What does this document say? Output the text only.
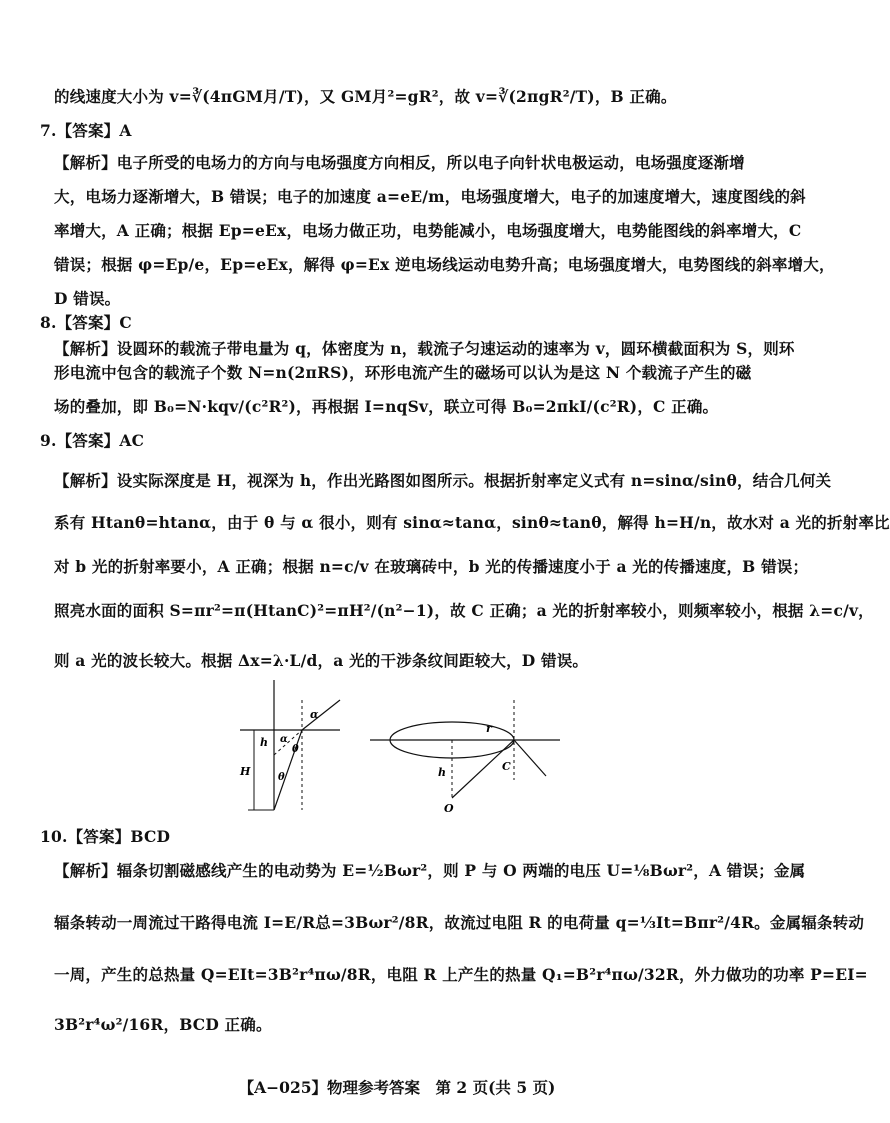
的线速度大小为 v=∛(4πGM月/T)，又 GM月²=gR²，故 v=∛(2πgR²/T)，B 正确。
7.【答案】A
【解析】电子所受的电场力的方向与电场强度方向相反，所以电子向针状电极运动，电场强度逐渐增
大，电场力逐渐增大，B 错误；电子的加速度 a=eE/m，电场强度增大，电子的加速度增大，速度图线的斜
率增大，A 正确；根据 Ep=eEx，电场力做正功，电势能减小，电场强度增大，电势能图线的斜率增大，C
错误；根据 φ=Ep/e，Ep=eEx，解得 φ=Ex 逆电场线运动电势升高；电场强度增大，电势图线的斜率增大，
D 错误。
8.【答案】C
【解析】设圆环的载流子带电量为 q，体密度为 n，载流子匀速运动的速率为 v，圆环横截面积为 S，则环
形电流中包含的载流子个数 N=n(2πRS)，环形电流产生的磁场可以认为是这 N 个载流子产生的磁
场的叠加，即 B₀=N·kqv/(c²R²)，再根据 I=nqSv，联立可得 B₀=2πkI/(c²R)，C 正确。
9.【答案】AC
【解析】设实际深度是 H，视深为 h，作出光路图如图所示。根据折射率定义式有 n=sinα/sinθ，结合几何关
系有 Htanθ=htanα，由于 θ 与 α 很小，则有 sinα≈tanα，sinθ≈tanθ，解得 h=H/n，故水对 a 光的折射率比
对 b 光的折射率要小，A 正确；根据 n=c/v 在玻璃砖中，b 光的传播速度小于 a 光的传播速度，B 错误；
照亮水面的面积 S=πr²=π(HtanC)²=πH²/(n²−1)，故 C 正确；a 光的折射率较小，则频率较小，根据 λ=c/v，
则 a 光的波长较大。根据 Δx=λ·L/d，a 光的干涉条纹间距较大，D 错误。
α
h α
θ
H	θ
r
h	C
O
10.【答案】BCD
【解析】辐条切割磁感线产生的电动势为 E=½Bωr²，则 P 与 O 两端的电压 U=⅛Bωr²，A 错误；金属
辐条转动一周流过干路得电流 I=E/R总=3Bωr²/8R，故流过电阻 R 的电荷量 q=⅓It=Bπr²/4R。金属辐条转动
一周，产生的总热量 Q=EIt=3B²r⁴πω/8R，电阻 R 上产生的热量 Q₁=B²r⁴πω/32R，外力做功的功率 P=EI=
3B²r⁴ω²/16R，BCD 正确。
【A−025】物理参考答案　第 2 页(共 5 页)
